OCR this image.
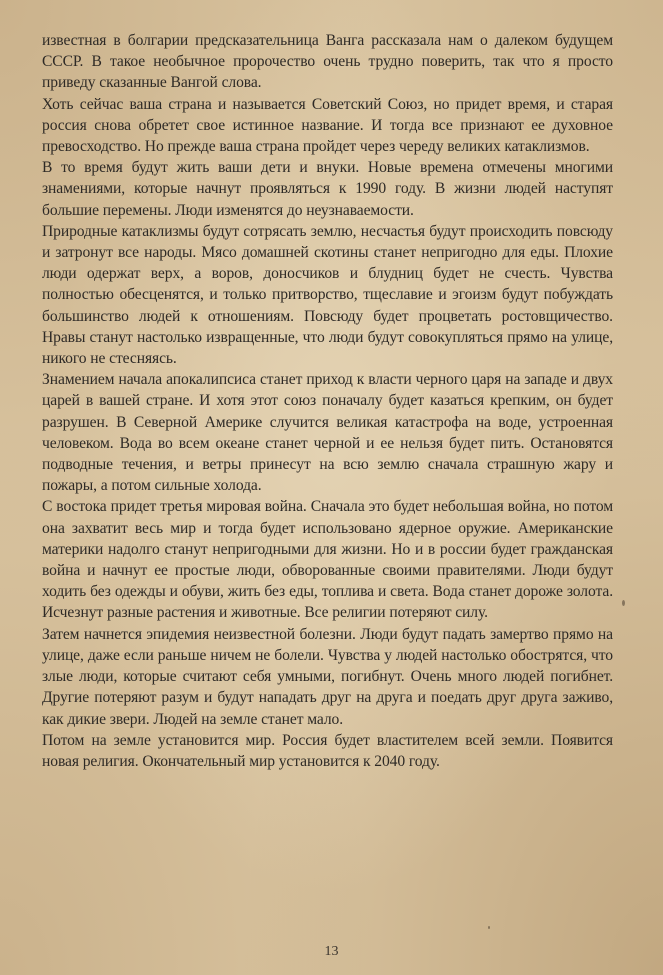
известная в болгарии предсказательница Ванга рассказала нам о далеком будущем СССР. В такое необычное пророчество очень трудно поверить, так что я просто приведу сказанные Вангой слова.

Хоть сейчас ваша страна и называется Советский Союз, но придет время, и старая россия снова обретет свое истинное название. И тогда все признают ее духовное превосходство. Но прежде ваша страна пройдет через череду великих катаклизмов.

В то время будут жить ваши дети и внуки. Новые времена отмечены многими знамениями, которые начнут проявляться к 1990 году. В жизни людей наступят большие перемены. Люди изменятся до неузнаваемости.

Природные катаклизмы будут сотрясать землю, несчастья будут происходить повсюду и затронут все народы. Мясо домашней скотины станет непригодно для еды. Плохие люди одержат верх, а воров, доносчиков и блудниц будет не счесть. Чувства полностью обесценятся, и только притворство, тщеславие и эгоизм будут побуждать большинство людей к отношениям. Повсюду будет процветать ростовщичество. Нравы станут настолько извращенные, что люди будут совокупляться прямо на улице, никого не стесняясь.

Знамением начала апокалипсиса станет приход к власти черного царя на западе и двух царей в вашей стране. И хотя этот союз поначалу будет казаться крепким, он будет разрушен. В Северной Америке случится великая катастрофа на воде, устроенная человеком. Вода во всем океане станет черной и ее нельзя будет пить. Остановятся подводные течения, и ветры принесут на всю землю сначала страшную жару и пожары, а потом сильные холода.

С востока придет третья мировая война. Сначала это будет небольшая война, но потом она захватит весь мир и тогда будет использовано ядерное оружие. Американские материки надолго станут непригодными для жизни. Но и в россии будет гражданская война и начнут ее простые люди, обворованные своими правителями. Люди будут ходить без одежды и обуви, жить без еды, топлива и света. Вода станет дороже золота. Исчезнут разные растения и животные. Все религии потеряют силу.

Затем начнется эпидемия неизвестной болезни. Люди будут падать замертво прямо на улице, даже если раньше ничем не болели. Чувства у людей настолько обострятся, что злые люди, которые считают себя умными, погибнут. Очень много людей погибнет. Другие потеряют разум и будут нападать друг на друга и поедать друг друга заживо, как дикие звери. Людей на земле станет мало.

Потом на земле установится мир. Россия будет властителем всей земли. Появится новая религия. Окончательный мир установится к 2040 году.

13
